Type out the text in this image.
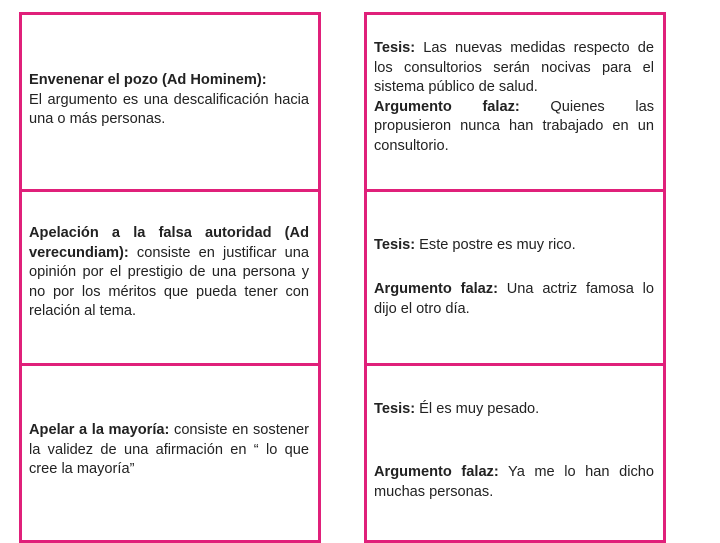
Envenenar el pozo (Ad Hominem):
El argumento es una descalificación hacia una o más personas.
Apelación a la falsa autoridad (Ad verecundiam): consiste en justificar una opinión por el prestigio de una persona y no por los méritos que pueda tener con relación al tema.
Apelar a la mayoría: consiste en sostener la validez de una afirmación en “ lo que cree la mayoría”
Tesis: Las nuevas medidas respecto de los consultorios serán nocivas para el sistema público de salud.
Argumento falaz: Quienes las propusieron nunca han trabajado en un consultorio.
Tesis: Este postre es muy rico.
Argumento falaz: Una actriz famosa lo dijo el otro día.
Tesis: Él es muy pesado.
Argumento falaz: Ya me lo han dicho muchas personas.
